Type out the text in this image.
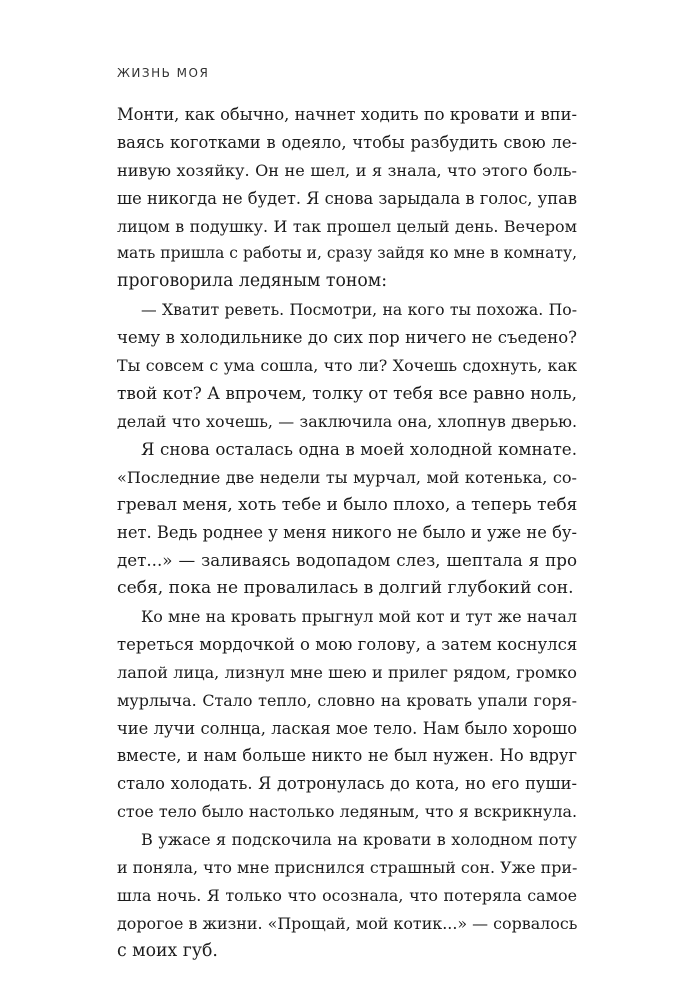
ЖИЗНЬ МОЯ
Монти, как обычно, начнет ходить по кровати и впи-
ваясь коготками в одеяло, чтобы разбудить свою ле-
нивую хозяйку. Он не шел, и я знала, что этого боль-
ше никогда не будет. Я снова зарыдала в голос, упав
лицом в подушку. И так прошел целый день. Вечером
мать пришла с работы и, сразу зайдя ко мне в комнату,
проговорила ледяным тоном:
— Хватит реветь. Посмотри, на кого ты похожа. По-
чему в холодильнике до сих пор ничего не съедено?
Ты совсем с ума сошла, что ли? Хочешь сдохнуть, как
твой кот? А впрочем, толку от тебя все равно ноль,
делай что хочешь, — заключила она, хлопнув дверью.
Я снова осталась одна в моей холодной комнате.
«Последние две недели ты мурчал, мой котенька, со-
гревал меня, хоть тебе и было плохо, а теперь тебя
нет. Ведь роднее у меня никого не было и уже не бу-
дет...» — заливаясь водопадом слез, шептала я про
себя, пока не провалилась в долгий глубокий сон.
Ко мне на кровать прыгнул мой кот и тут же начал
тереться мордочкой о мою голову, а затем коснулся
лапой лица, лизнул мне шею и прилег рядом, громко
мурлыча. Стало тепло, словно на кровать упали горя-
чие лучи солнца, лаская мое тело. Нам было хорошо
вместе, и нам больше никто не был нужен. Но вдруг
стало холодать. Я дотронулась до кота, но его пуши-
стое тело было настолько ледяным, что я вскрикнула.
В ужасе я подскочила на кровати в холодном поту
и поняла, что мне приснился страшный сон. Уже при-
шла ночь. Я только что осознала, что потеряла самое
дорогое в жизни. «Прощай, мой котик...» — сорвалось
с моих губ.
